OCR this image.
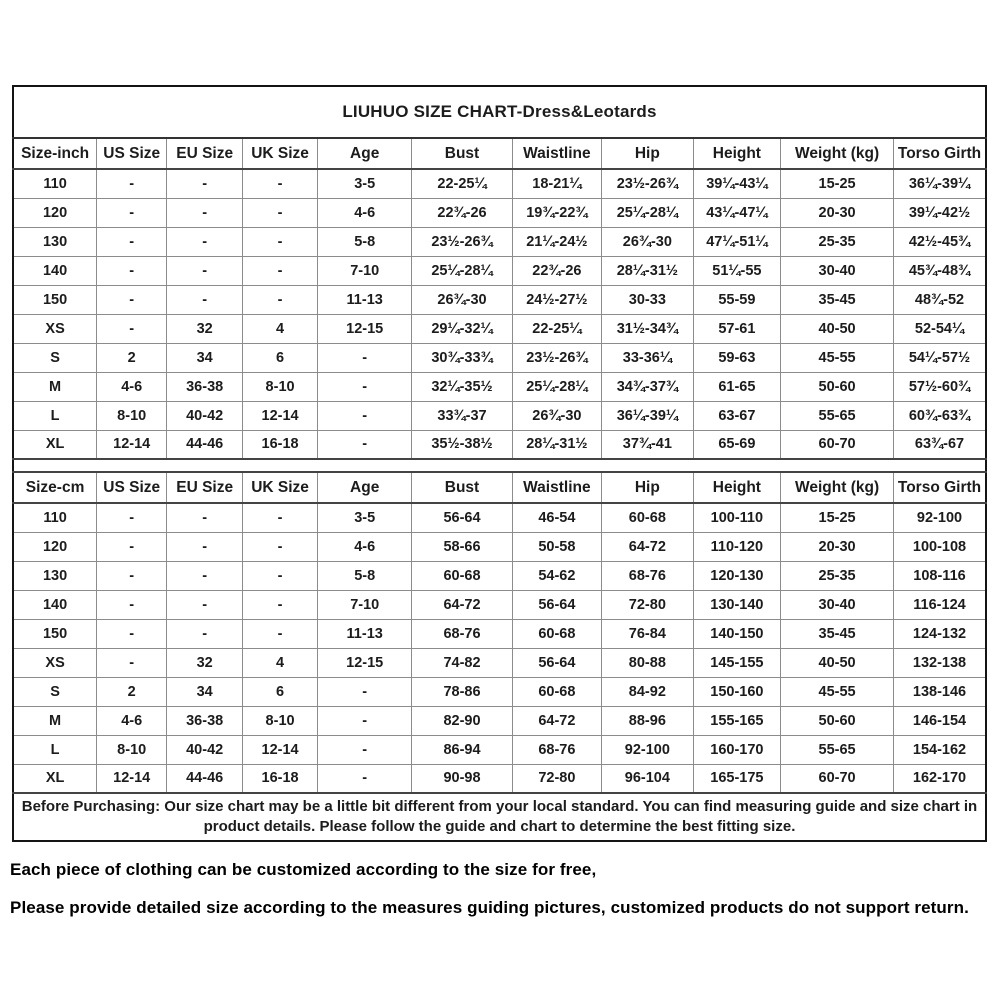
LIUHUO SIZE CHART-Dress&Leotards										
Size-inch	US Size	EU Size	UK Size	Age	Bust	Waistline	Hip	Height	Weight (kg)	Torso Girth
110	-	-	-	3-5	22-25¼	18-21¼	23½-26¾	39¼-43¼	15-25	36¼-39¼
120	-	-	-	4-6	22¾-26	19¾-22¾	25¼-28¼	43¼-47¼	20-30	39¼-42½
130	-	-	-	5-8	23½-26¾	21¼-24½	26¾-30	47¼-51¼	25-35	42½-45¾
140	-	-	-	7-10	25¼-28¼	22¾-26	28¼-31½	51¼-55	30-40	45¾-48¾
150	-	-	-	11-13	26¾-30	24½-27½	30-33	55-59	35-45	48¾-52
XS	-	32	4	12-15	29¼-32¼	22-25¼	31½-34¾	57-61	40-50	52-54¼
S	2	34	6	-	30¾-33¾	23½-26¾	33-36¼	59-63	45-55	54¼-57½
M	4-6	36-38	8-10	-	32¼-35½	25¼-28¼	34¾-37¾	61-65	50-60	57½-60¾
L	8-10	40-42	12-14	-	33¾-37	26¾-30	36¼-39¼	63-67	55-65	60¾-63¾
XL	12-14	44-46	16-18	-	35½-38½	28¼-31½	37¾-41	65-69	60-70	63¾-67

Size-cm	US Size	EU Size	UK Size	Age	Bust	Waistline	Hip	Height	Weight (kg)	Torso Girth
110	-	-	-	3-5	56-64	46-54	60-68	100-110	15-25	92-100
120	-	-	-	4-6	58-66	50-58	64-72	110-120	20-30	100-108
130	-	-	-	5-8	60-68	54-62	68-76	120-130	25-35	108-116
140	-	-	-	7-10	64-72	56-64	72-80	130-140	30-40	116-124
150	-	-	-	11-13	68-76	60-68	76-84	140-150	35-45	124-132
XS	-	32	4	12-15	74-82	56-64	80-88	145-155	40-50	132-138
S	2	34	6	-	78-86	60-68	84-92	150-160	45-55	138-146
M	4-6	36-38	8-10	-	82-90	64-72	88-96	155-165	50-60	146-154
L	8-10	40-42	12-14	-	86-94	68-76	92-100	160-170	55-65	154-162
XL	12-14	44-46	16-18	-	90-98	72-80	96-104	165-175	60-70	162-170
Before Purchasing: Our size chart may be a little bit different from your local standard. You can find measuring guide and size chart in product details. Please follow the guide and chart to determine the best fitting size.										
Each piece of clothing can be customized according to the size for free,
Please provide detailed size according to the measures guiding pictures, customized products do not support return.
